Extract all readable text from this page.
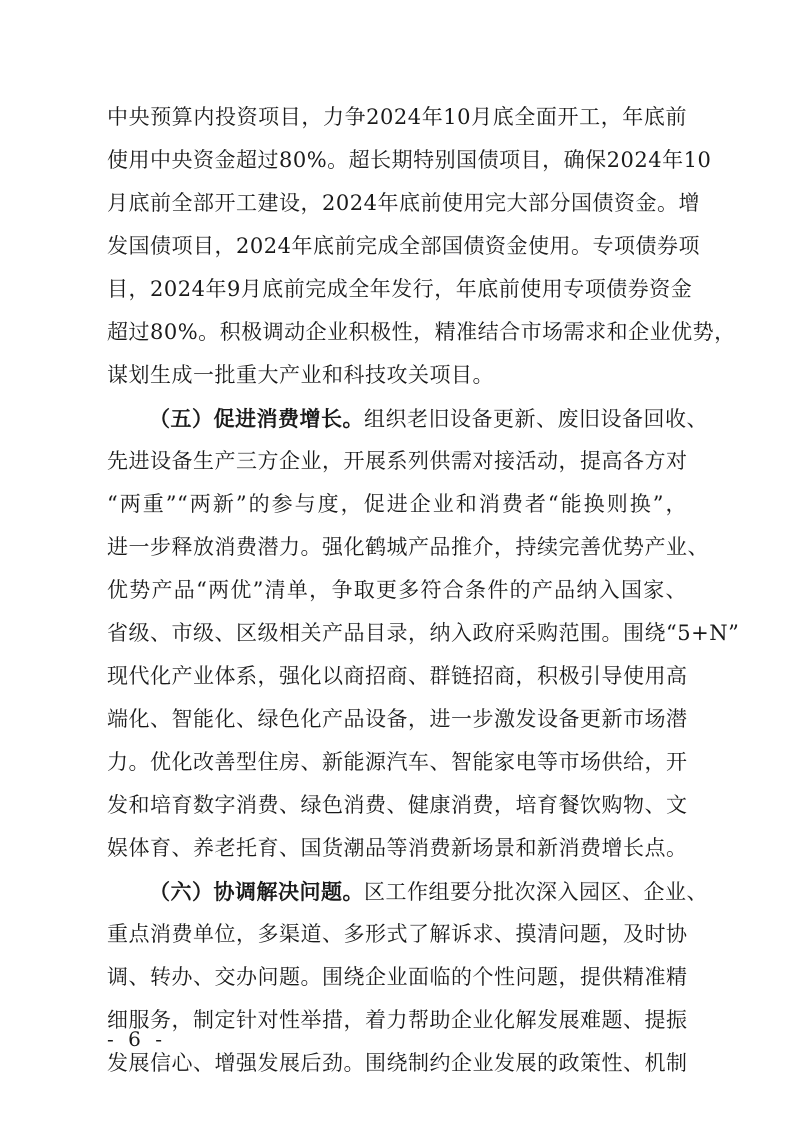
中央预算内投资项目，力争2024年10月底全面开工，年底前
使用中央资金超过80%。超长期特别国债项目，确保2024年10
月底前全部开工建设，2024年底前使用完大部分国债资金。增
发国债项目，2024年底前完成全部国债资金使用。专项债券项
目，2024年9月底前完成全年发行，年底前使用专项债券资金
超过80%。积极调动企业积极性，精准结合市场需求和企业优势，
谋划生成一批重大产业和科技攻关项目。
（五）促进消费增长。组织老旧设备更新、废旧设备回收、
先进设备生产三方企业，开展系列供需对接活动，提高各方对
“两重”“两新”的参与度，促进企业和消费者“能换则换”，
进一步释放消费潜力。强化鹤城产品推介，持续完善优势产业、
优势产品“两优”清单，争取更多符合条件的产品纳入国家、
省级、市级、区级相关产品目录，纳入政府采购范围。围绕“5+N”
现代化产业体系，强化以商招商、群链招商，积极引导使用高
端化、智能化、绿色化产品设备，进一步激发设备更新市场潜
力。优化改善型住房、新能源汽车、智能家电等市场供给，开
发和培育数字消费、绿色消费、健康消费，培育餐饮购物、文
娱体育、养老托育、国货潮品等消费新场景和新消费增长点。
（六）协调解决问题。区工作组要分批次深入园区、企业、
重点消费单位，多渠道、多形式了解诉求、摸清问题，及时协
调、转办、交办问题。围绕企业面临的个性问题，提供精准精
细服务，制定针对性举措，着力帮助企业化解发展难题、提振
发展信心、增强发展后劲。围绕制约企业发展的政策性、机制
- 6 -
